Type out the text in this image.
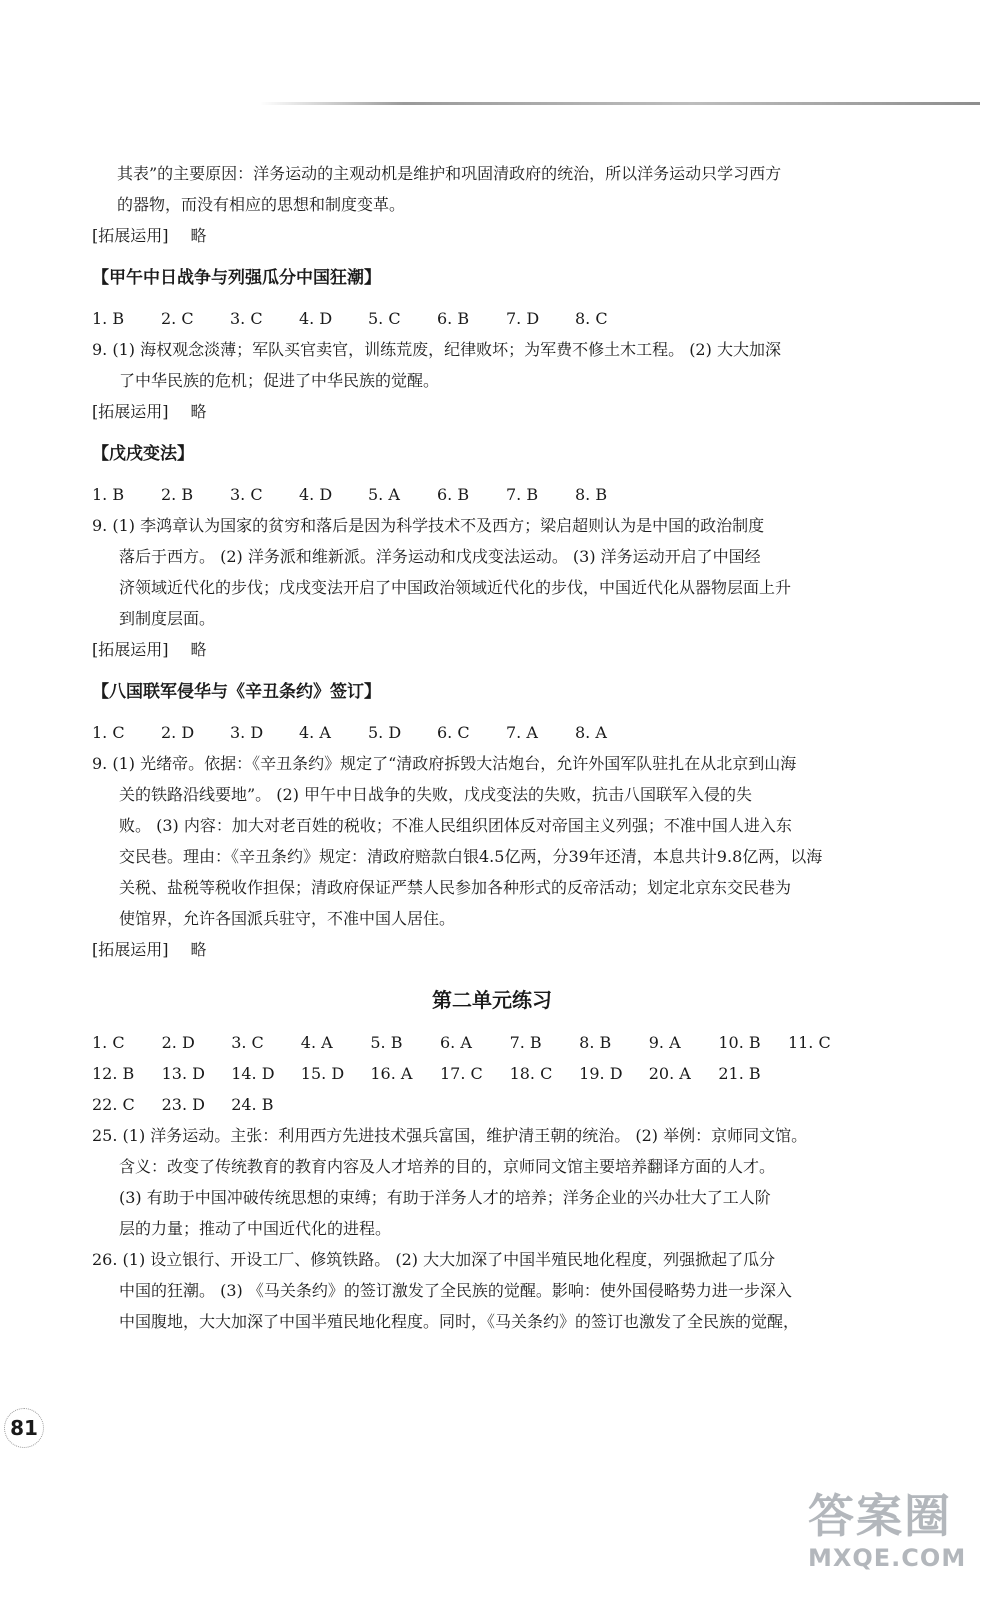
其表”的主要原因：洋务运动的主观动机是维护和巩固清政府的统治，所以洋务运动只学习西方

的器物，而没有相应的思想和制度变革。

[拓展运用] 略

【甲午中日战争与列强瓜分中国狂潮】
1. B	2. C	3. C	4. D	5. C	6. B	7. D	8. C

9. (1) 海权观念淡薄；军队买官卖官，训练荒废，纪律败坏；为军费不修土木工程。 (2) 大大加深

了中华民族的危机；促进了中华民族的觉醒。

[拓展运用] 略

【戊戌变法】
1. B	2. B	3. C	4. D	5. A	6. B	7. B	8. B

9. (1) 李鸿章认为国家的贫穷和落后是因为科学技术不及西方；梁启超则认为是中国的政治制度

落后于西方。 (2) 洋务派和维新派。洋务运动和戊戌变法运动。 (3) 洋务运动开启了中国经

济领域近代化的步伐；戊戌变法开启了中国政治领域近代化的步伐，中国近代化从器物层面上升

到制度层面。

[拓展运用] 略

【八国联军侵华与《辛丑条约》签订】
1. C	2. D	3. D	4. A	5. D	6. C	7. A	8. A

9. (1) 光绪帝。依据：《辛丑条约》规定了“清政府拆毁大沽炮台，允许外国军队驻扎在从北京到山海

关的铁路沿线要地”。 (2) 甲午中日战争的失败，戊戌变法的失败，抗击八国联军入侵的失

败。 (3) 内容：加大对老百姓的税收；不准人民组织团体反对帝国主义列强；不准中国人进入东

交民巷。理由：《辛丑条约》规定：清政府赔款白银4.5亿两，分39年还清，本息共计9.8亿两，以海

关税、盐税等税收作担保；清政府保证严禁人民参加各种形式的反帝活动；划定北京东交民巷为

使馆界，允许各国派兵驻守，不准中国人居住。

[拓展运用] 略

第二单元练习
1. C	2. D	3. C	4. A	5. B	6. A	7. B	8. B	9. A	10. B	11. C
12. B	13. D	14. D	15. D	16. A	17. C	18. C	19. D	20. A	21. B
22. C	23. D	24. B

25. (1) 洋务运动。主张：利用西方先进技术强兵富国，维护清王朝的统治。 (2) 举例：京师同文馆。

含义：改变了传统教育的教育内容及人才培养的目的，京师同文馆主要培养翻译方面的人才。

(3) 有助于中国冲破传统思想的束缚；有助于洋务人才的培养；洋务企业的兴办壮大了工人阶

层的力量；推动了中国近代化的进程。

26. (1) 设立银行、开设工厂、修筑铁路。 (2) 大大加深了中国半殖民地化程度，列强掀起了瓜分

中国的狂潮。 (3) 《马关条约》的签订激发了全民族的觉醒。影响：使外国侵略势力进一步深入

中国腹地，大大加深了中国半殖民地化程度。同时，《马关条约》的签订也激发了全民族的觉醒，

81
答案圈
MXQE.COM
